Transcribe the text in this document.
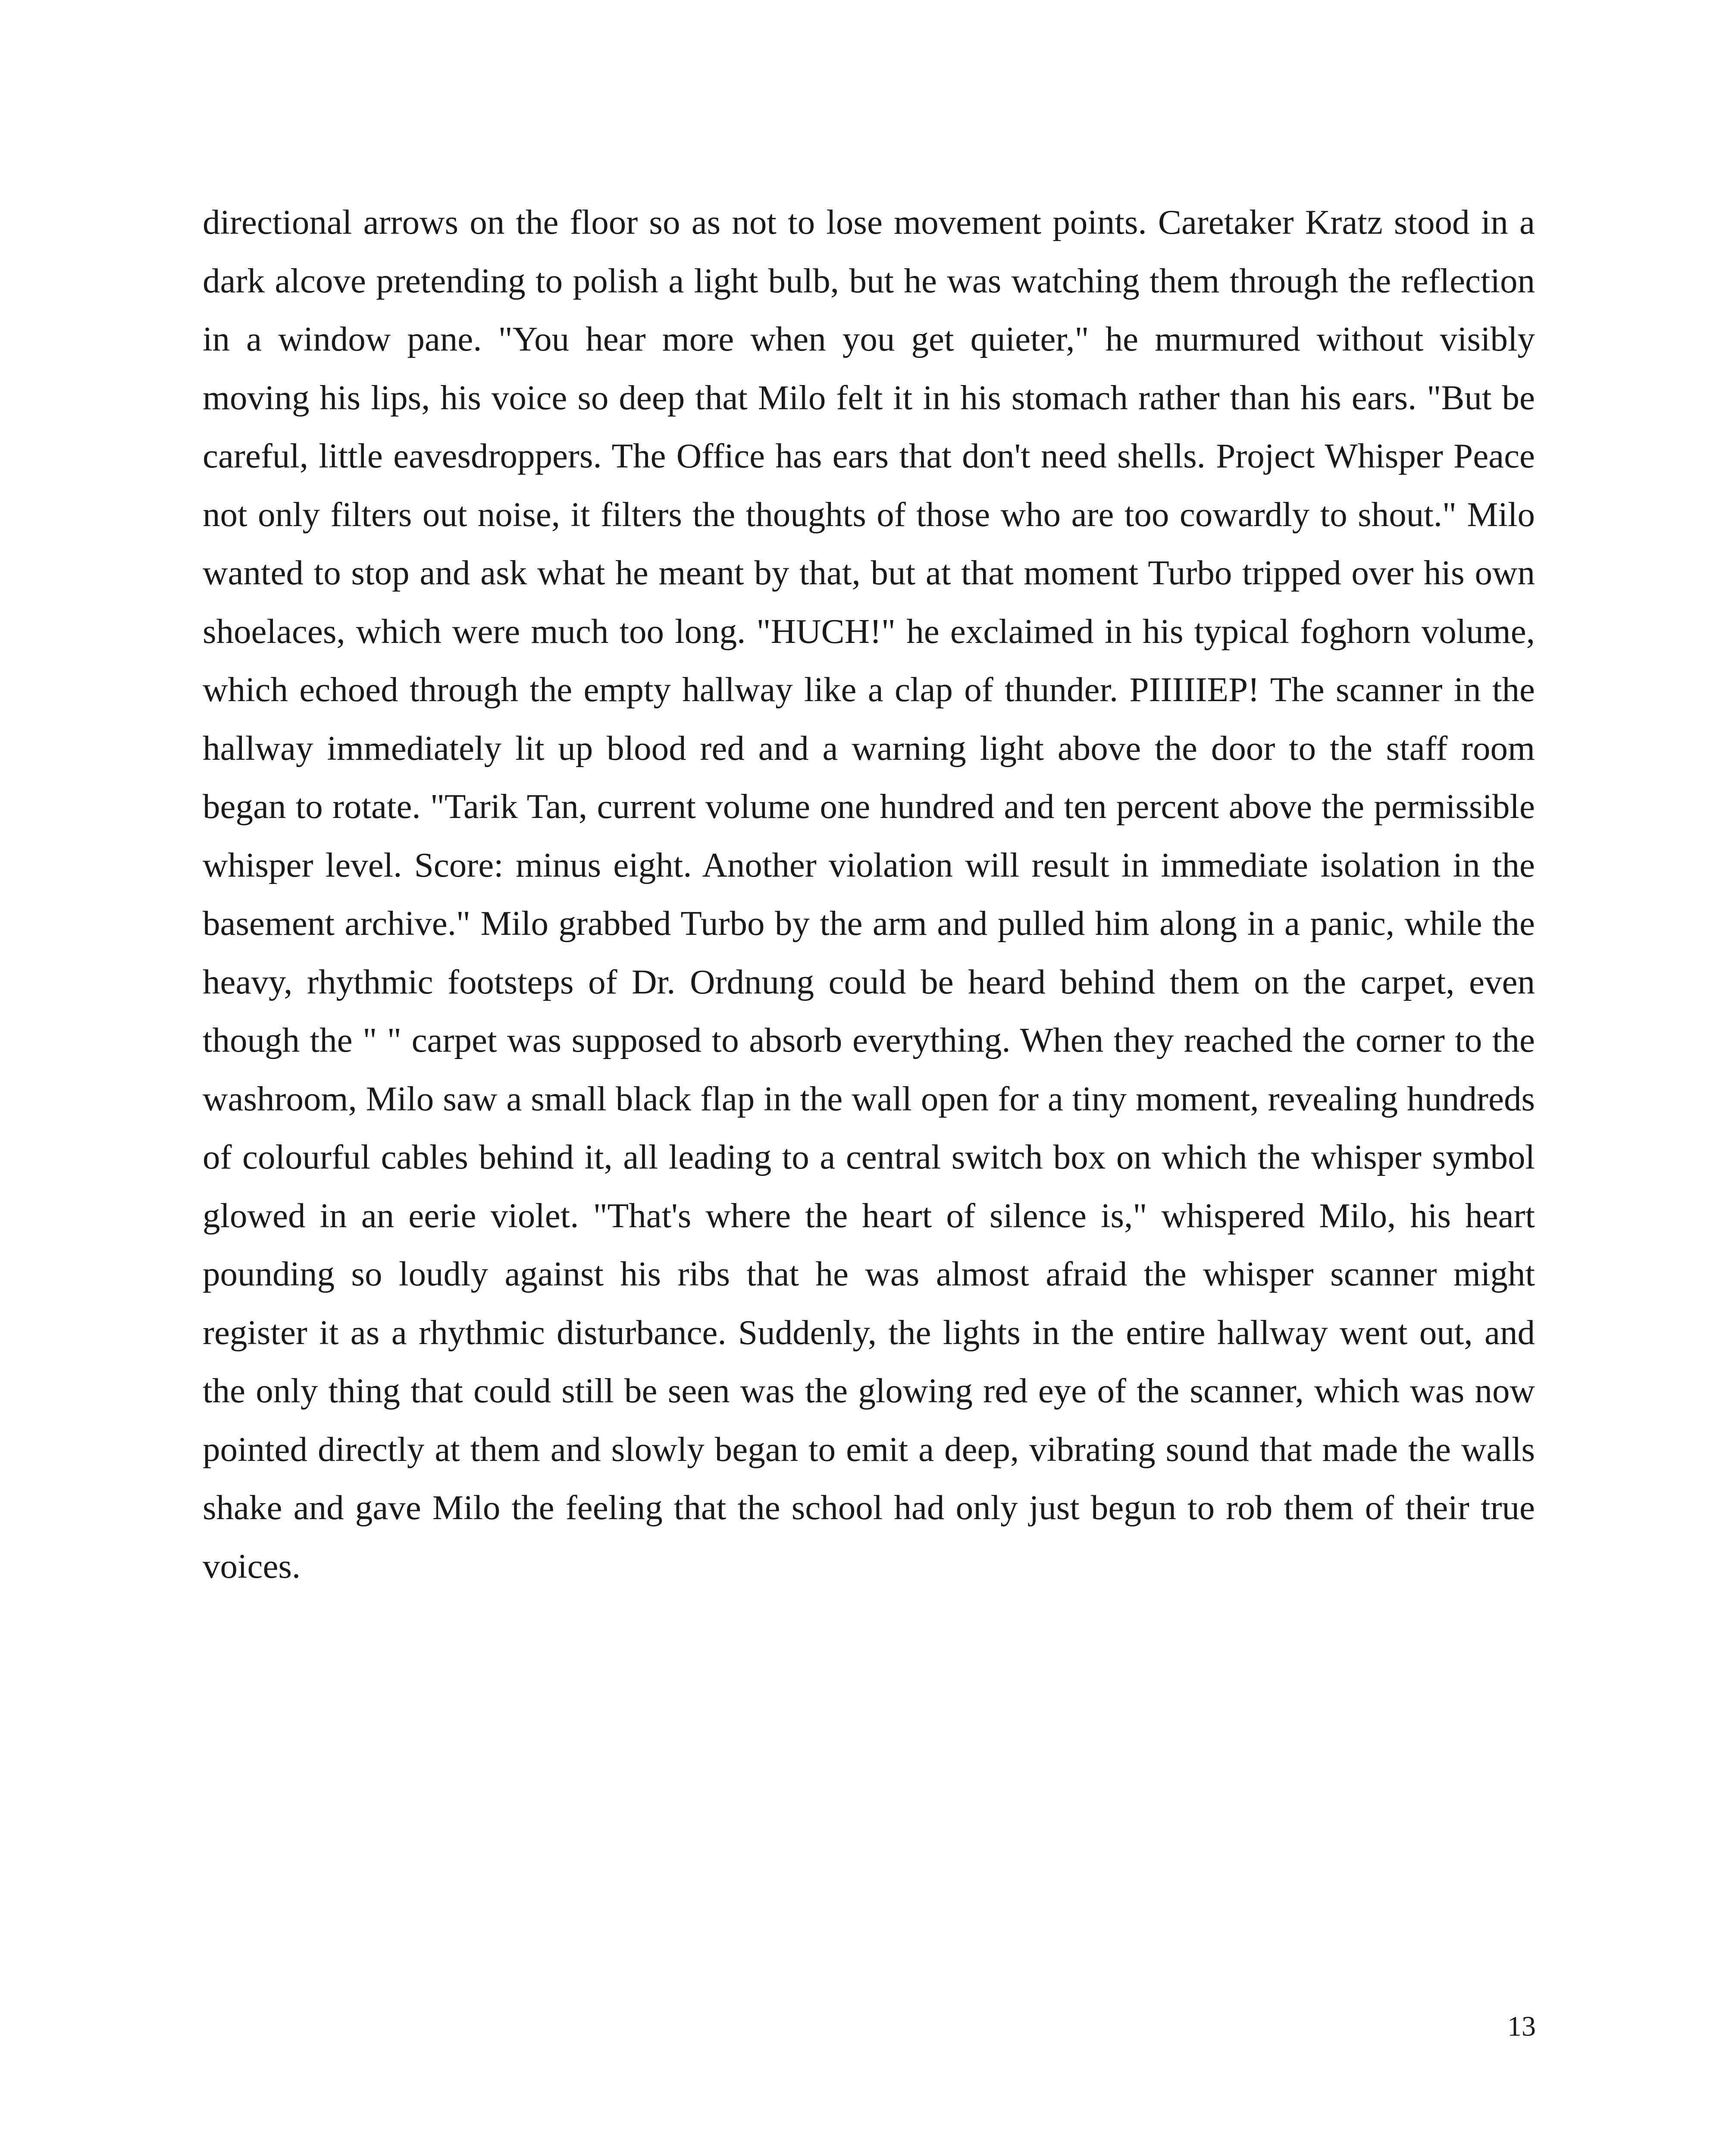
directional arrows on the floor so as not to lose movement points. Caretaker Kratz stood in a dark alcove pretending to polish a light bulb, but he was watching them through the reflection in a window pane. "You hear more when you get quieter," he murmured without visibly moving his lips, his voice so deep that Milo felt it in his stomach rather than his ears. "But be careful, little eavesdroppers. The Office has ears that don't need shells. Project Whisper Peace not only filters out noise, it filters the thoughts of those who are too cowardly to shout." Milo wanted to stop and ask what he meant by that, but at that moment Turbo tripped over his own shoelaces, which were much too long. "HUCH!" he exclaimed in his typical foghorn volume, which echoed through the empty hallway like a clap of thunder. PIIIIIEP! The scanner in the hallway immediately lit up blood red and a warning light above the door to the staff room began to rotate. "Tarik Tan, current volume one hundred and ten percent above the permissible whisper level. Score: minus eight. Another violation will result in immediate isolation in the basement archive." Milo grabbed Turbo by the arm and pulled him along in a panic, while the heavy, rhythmic footsteps of Dr. Ordnung could be heard behind them on the carpet, even though the " " carpet was supposed to absorb everything. When they reached the corner to the washroom, Milo saw a small black flap in the wall open for a tiny moment, revealing hundreds of colourful cables behind it, all leading to a central switch box on which the whisper symbol glowed in an eerie violet. "That's where the heart of silence is," whispered Milo, his heart pounding so loudly against his ribs that he was almost afraid the whisper scanner might register it as a rhythmic disturbance. Suddenly, the lights in the entire hallway went out, and the only thing that could still be seen was the glowing red eye of the scanner, which was now pointed directly at them and slowly began to emit a deep, vibrating sound that made the walls shake and gave Milo the feeling that the school had only just begun to rob them of their true voices.

13
